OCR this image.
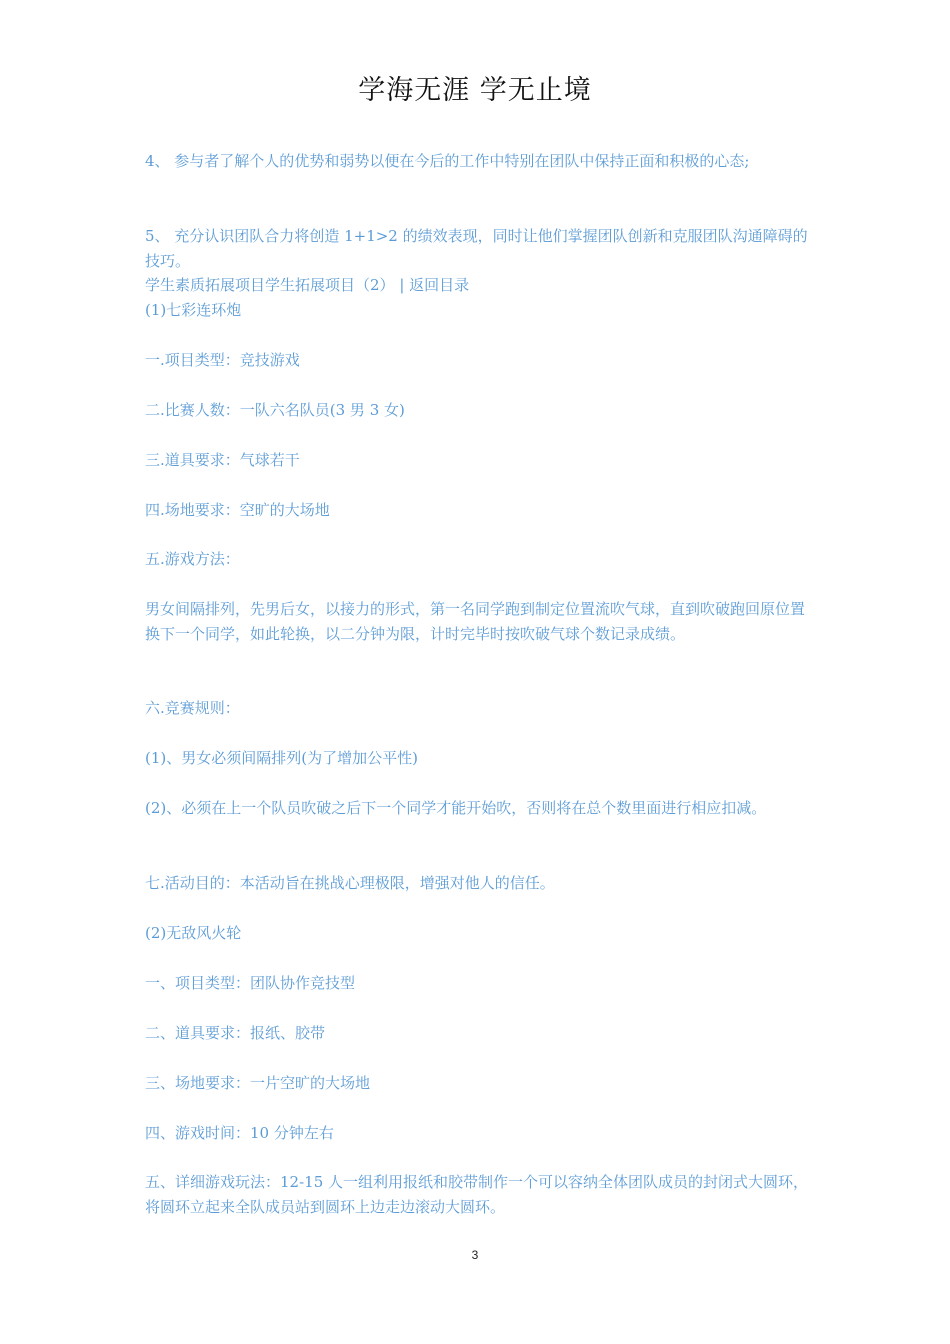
学海无涯 学无止境

4、 参与者了解个人的优势和弱势以便在今后的工作中特别在团队中保持正面和积极的心态;

5、 充分认识团队合力将创造 1+1>2 的绩效表现，同时让他们掌握团队创新和克服团队沟通障碍的技巧。

学生素质拓展项目学生拓展项目（2） | 返回目录

(1)七彩连环炮

一.项目类型：竞技游戏

二.比赛人数：一队六名队员(3 男 3 女)

三.道具要求：气球若干

四.场地要求：空旷的大场地

五.游戏方法：

男女间隔排列，先男后女，以接力的形式，第一名同学跑到制定位置流吹气球，直到吹破跑回原位置换下一个同学，如此轮换，以二分钟为限，计时完毕时按吹破气球个数记录成绩。

六.竞赛规则：

(1)、男女必须间隔排列(为了增加公平性)

(2)、必须在上一个队员吹破之后下一个同学才能开始吹，否则将在总个数里面进行相应扣减。

七.活动目的：本活动旨在挑战心理极限，增强对他人的信任。

(2)无敌风火轮

一、项目类型：团队协作竞技型

二、道具要求：报纸、胶带

三、场地要求：一片空旷的大场地

四、游戏时间：10 分钟左右

五、详细游戏玩法：12-15 人一组利用报纸和胶带制作一个可以容纳全体团队成员的封闭式大圆环，将圆环立起来全队成员站到圆环上边走边滚动大圆环。

3
